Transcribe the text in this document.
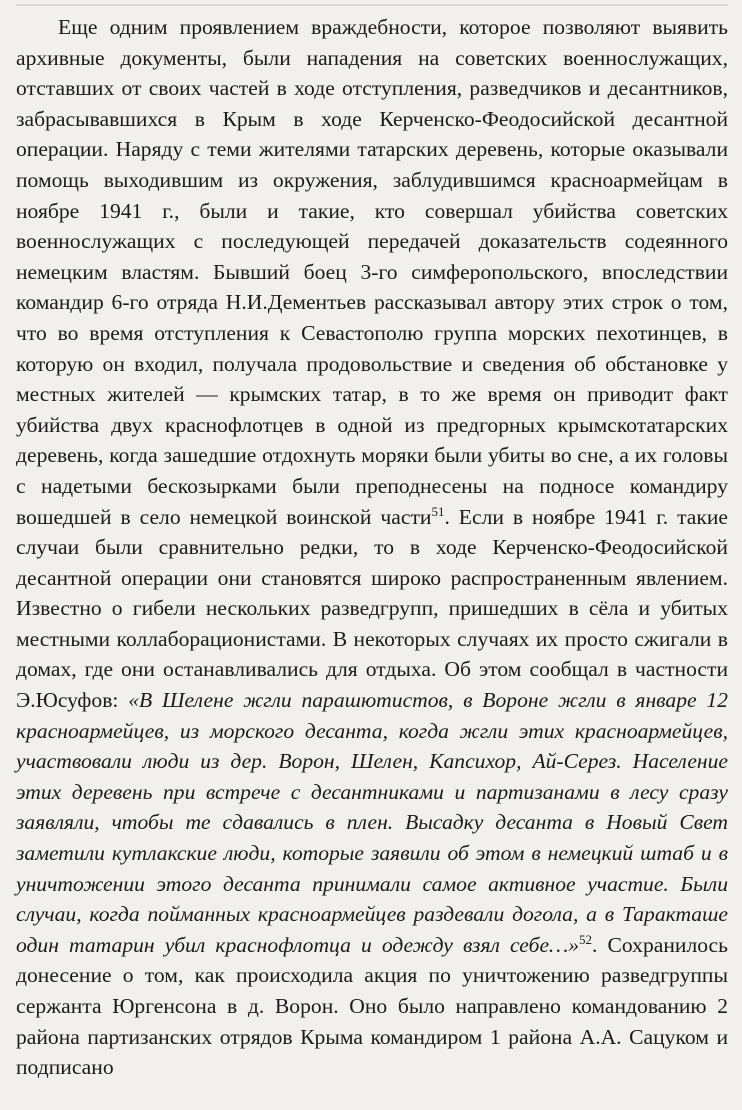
Еще одним проявлением враждебности, которое позволяют выявить архивные документы, были нападения на советских военнослужащих, отставших от своих частей в ходе отступления, разведчиков и десантников, забрасывавшихся в Крым в ходе Керченско-Феодосийской десантной операции. Наряду с теми жителями татарских деревень, которые оказывали помощь выходившим из окружения, заблудившимся красноармейцам в ноябре 1941 г., были и такие, кто совершал убийства советских военнослужащих с последующей передачей доказательств содеянного немецким властям. Бывший боец 3-го симферопольского, впоследствии командир 6-го отряда Н.И.Дементьев рассказывал автору этих строк о том, что во время отступления к Севастополю группа морских пехотинцев, в которую он входил, получала продовольствие и сведения об обстановке у местных жителей — крымских татар, в то же время он приводит факт убийства двух краснофлотцев в одной из предгорных крымскотатарских деревень, когда зашедшие отдохнуть моряки были убиты во сне, а их головы с надетыми бескозырками были преподнесены на подносе командиру вошедшей в село немецкой воинской части$^{51}$. Если в ноябре 1941 г. такие случаи были сравнительно редки, то в ходе Керченско-Феодосийской десантной операции они становятся широко распространенным явлением. Известно о гибели нескольких разведгрупп, пришедших в сёла и убитых местными коллаборационистами. В некоторых случаях их просто сжигали в домах, где они останавливались для отдыха. Об этом сообщал в частности Э.Юсуфов: «В Шелене жгли парашютистов, в Вороне жгли в январе 12 красноармейцев, из морского десанта, когда жгли этих красноармейцев, участвовали люди из дер. Ворон, Шелен, Капсихор, Ай-Серез. Население этих деревень при встрече с десантниками и партизанами в лесу сразу заявляли, чтобы те сдавались в плен. Высадку десанта в Новый Свет заметили кутлакские люди, которые заявили об этом в немецкий штаб и в уничтожении этого десанта принимали самое активное участие. Были случаи, когда пойманных красноармейцев раздевали догола, а в Таракташе один татарин убил краснофлотца и одежду взял себе…»$^{52}$. Сохранилось донесение о том, как происходила акция по уничтожению разведгруппы сержанта Юргенсона в д. Ворон. Оно было направлено командованию 2 района партизанских отрядов Крыма командиром 1 района А.А. Сацуком и подписано
